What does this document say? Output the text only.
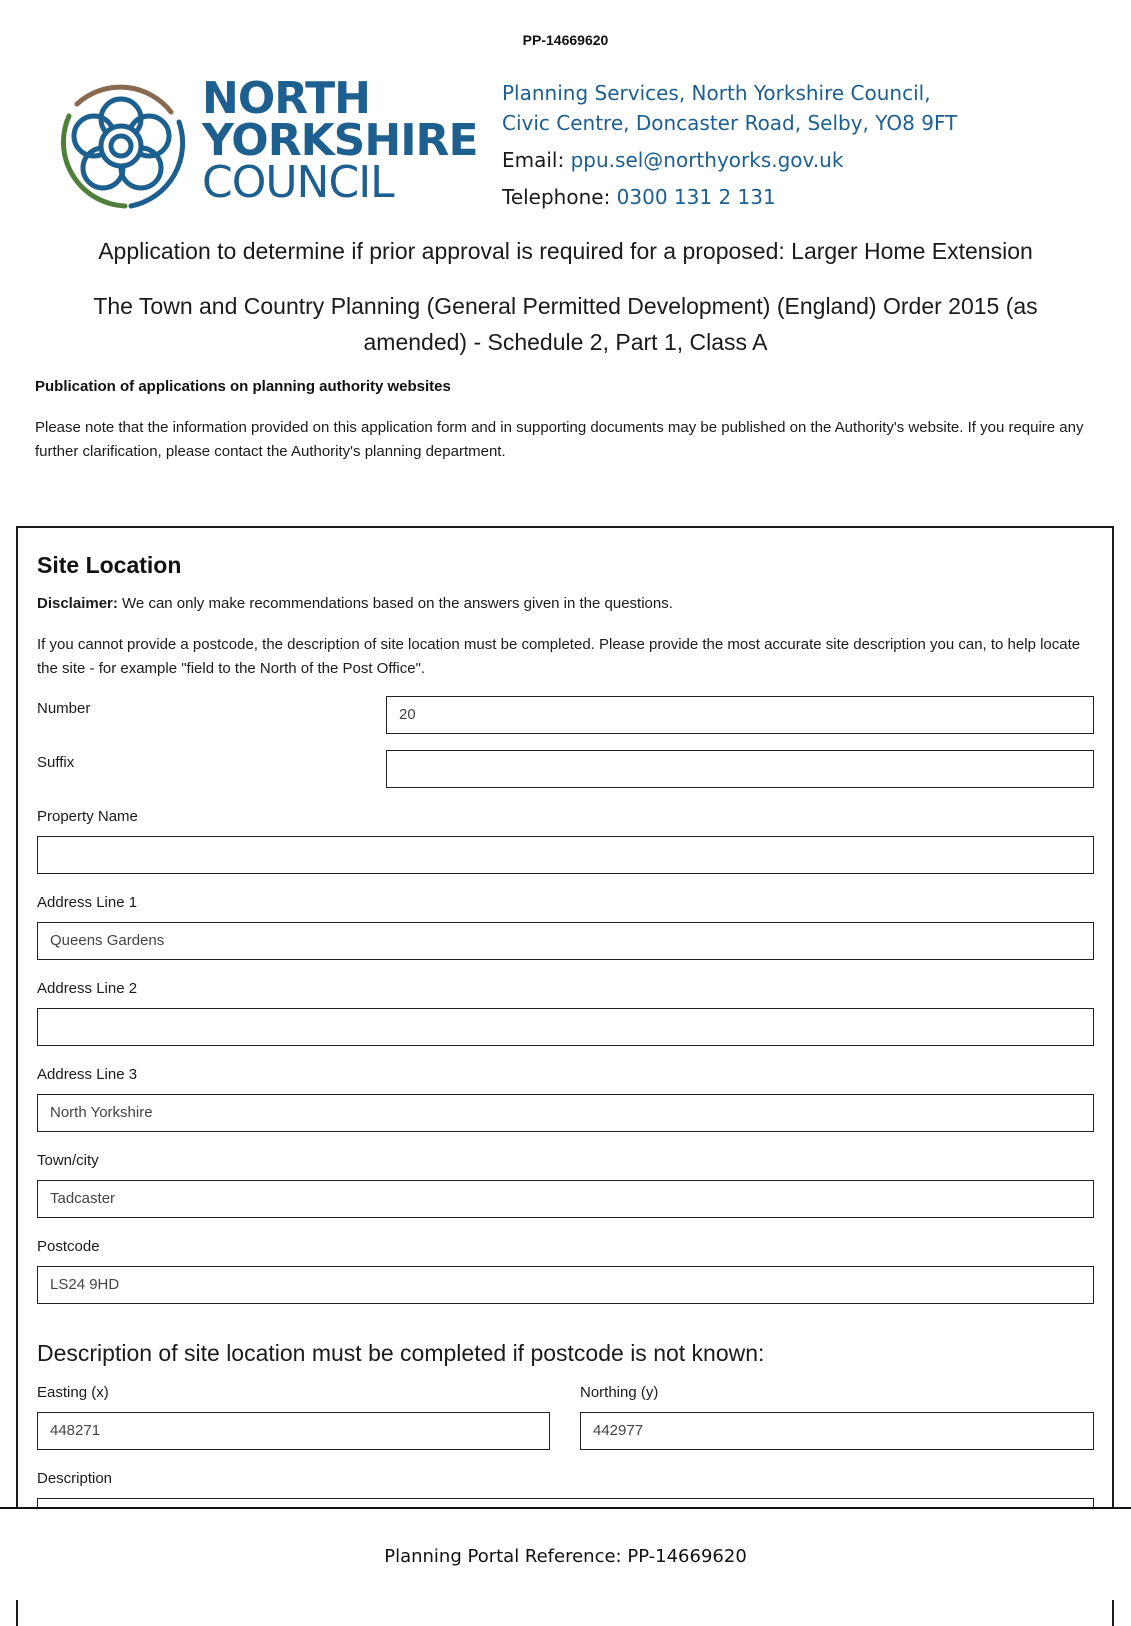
PP-14669620
NORTH
YORKSHIRE
COUNCIL
Planning Services, North Yorkshire Council,
Civic Centre, Doncaster Road, Selby, YO8 9FT
Email: ppu.sel@northyorks.gov.uk
Telephone: 0300 131 2 131
Application to determine if prior approval is required for a proposed: Larger Home Extension
The Town and Country Planning (General Permitted Development) (England) Order 2015 (as amended) - Schedule 2, Part 1, Class A
Publication of applications on planning authority websites
Please note that the information provided on this application form and in supporting documents may be published on the Authority's website. If you require any further clarification, please contact the Authority's planning department.
Site Location
Disclaimer: We can only make recommendations based on the answers given in the questions.
If you cannot provide a postcode, the description of site location must be completed. Please provide the most accurate site description you can, to help locate the site - for example "field to the North of the Post Office".
Number	20
Suffix
Property Name
Address Line 1
Queens Gardens
Address Line 2
Address Line 3
North Yorkshire
Town/city
Tadcaster
Postcode
LS24 9HD
Description of site location must be completed if postcode is not known:
Easting (x)
448271
Northing (y)
442977
Description
Planning Portal Reference: PP-14669620
